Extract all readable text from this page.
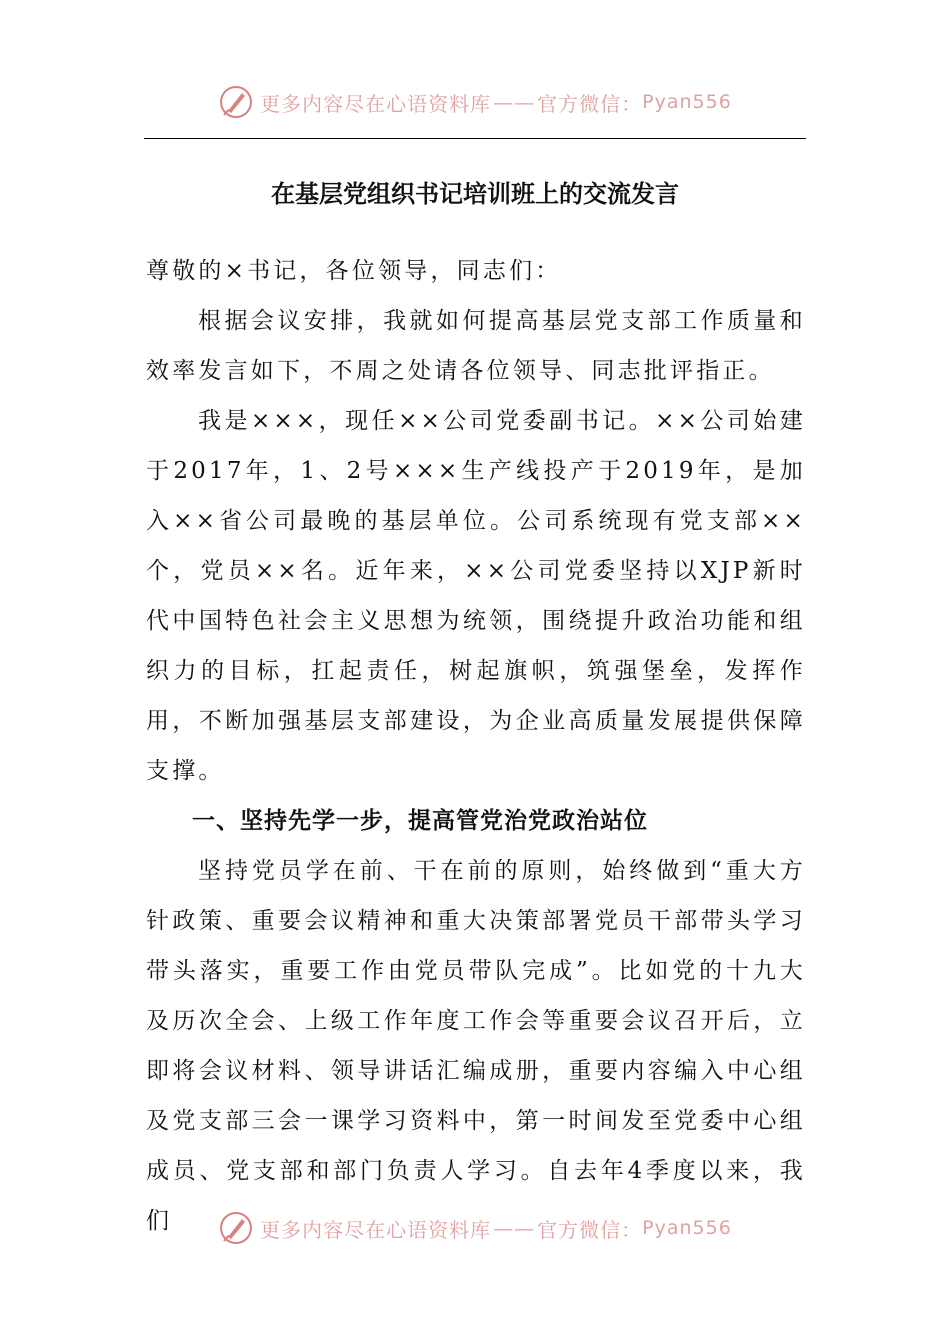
更多内容尽在心语资料库 —— 官方微信： Pyan556
在基层党组织书记培训班上的交流发言

尊敬的×书记，各位领导，同志们：

根据会议安排，我就如何提高基层党支部工作质量和效率发言如下，不周之处请各位领导、同志批评指正。

我是×××，现任××公司党委副书记。××公司始建于2017年，1、2号×××生产线投产于2019年，是加入××省公司最晚的基层单位。公司系统现有党支部××个，党员××名。近年来，××公司党委坚持以XJP新时代中国特色社会主义思想为统领，围绕提升政治功能和组织力的目标，扛起责任，树起旗帜，筑强堡垒，发挥作用，不断加强基层支部建设，为企业高质量发展提供保障支撑。

一、坚持先学一步，提高管党治党政治站位

坚持党员学在前、干在前的原则，始终做到“重大方针政策、重要会议精神和重大决策部署党员干部带头学习带头落实，重要工作由党员带队完成”。比如党的十九大及历次全会、上级工作年度工作会等重要会议召开后，立即将会议材料、领导讲话汇编成册，重要内容编入中心组及党支部三会一课学习资料中，第一时间发至党委中心组成员、党支部和部门负责人学习。自去年4季度以来，我们	更多内容尽在心语资料库 —— 官方微信： Pyan556
